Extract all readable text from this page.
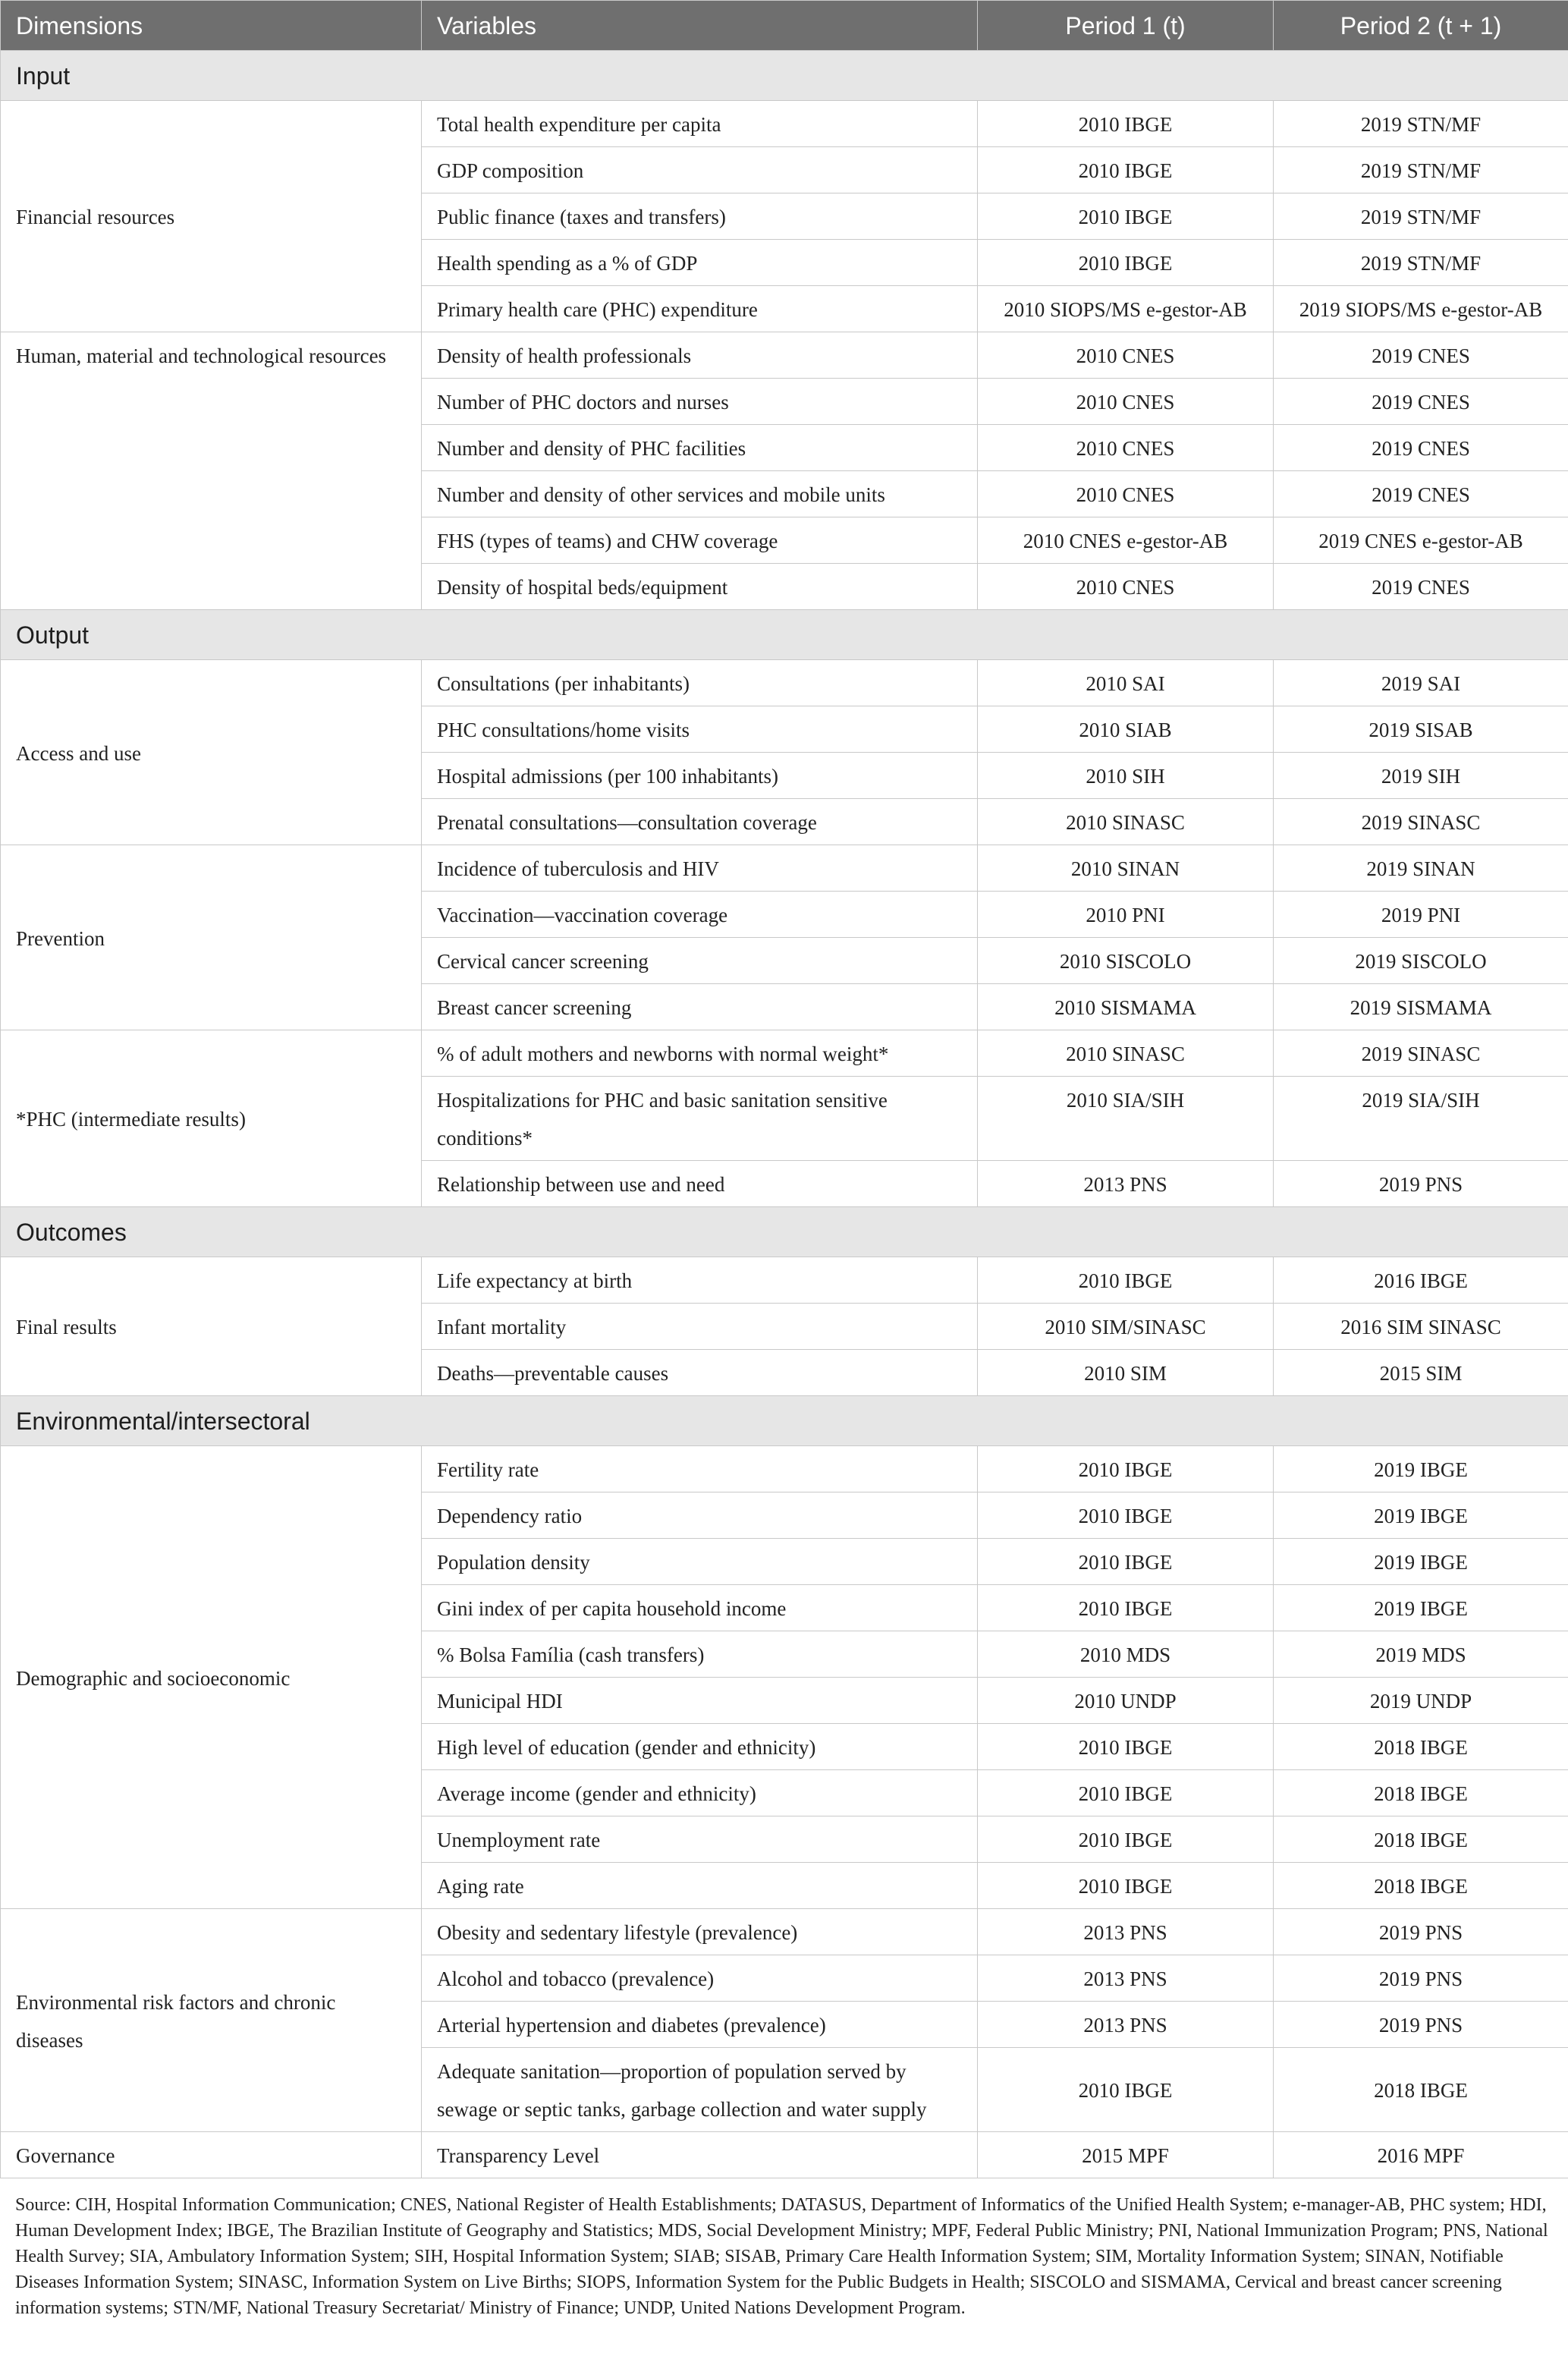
Dimensions	Variables	Period 1 (t)	Period 2 (t + 1)
Input			
Financial resources	Total health expenditure per capita	2010 IBGE	2019 STN/MF
	GDP composition	2010 IBGE	2019 STN/MF
	Public finance (taxes and transfers)	2010 IBGE	2019 STN/MF
	Health spending as a % of GDP	2010 IBGE	2019 STN/MF
	Primary health care (PHC) expenditure	2010 SIOPS/MS e-gestor-AB	2019 SIOPS/MS e-gestor-AB
Human, material and technological resources	Density of health professionals	2010 CNES	2019 CNES
	Number of PHC doctors and nurses	2010 CNES	2019 CNES
	Number and density of PHC facilities	2010 CNES	2019 CNES
	Number and density of other services and mobile units	2010 CNES	2019 CNES
	FHS (types of teams) and CHW coverage	2010 CNES e-gestor-AB	2019 CNES e-gestor-AB
	Density of hospital beds/equipment	2010 CNES	2019 CNES
Output			
Access and use	Consultations (per inhabitants)	2010 SAI	2019 SAI
	PHC consultations/home visits	2010 SIAB	2019 SISAB
	Hospital admissions (per 100 inhabitants)	2010 SIH	2019 SIH
	Prenatal consultations—consultation coverage	2010 SINASC	2019 SINASC
Prevention	Incidence of tuberculosis and HIV	2010 SINAN	2019 SINAN
	Vaccination—vaccination coverage	2010 PNI	2019 PNI
	Cervical cancer screening	2010 SISCOLO	2019 SISCOLO
	Breast cancer screening	2010 SISMAMA	2019 SISMAMA
*PHC (intermediate results)	% of adult mothers and newborns with normal weight*	2010 SINASC	2019 SINASC
	Hospitalizations for PHC and basic sanitation sensitive conditions*	2010 SIA/SIH	2019 SIA/SIH
	Relationship between use and need	2013 PNS	2019 PNS
Outcomes			
Final results	Life expectancy at birth	2010 IBGE	2016 IBGE
	Infant mortality	2010 SIM/SINASC	2016 SIM SINASC
	Deaths—preventable causes	2010 SIM	2015 SIM
Environmental/intersectoral			
Demographic and socioeconomic	Fertility rate	2010 IBGE	2019 IBGE
	Dependency ratio	2010 IBGE	2019 IBGE
	Population density	2010 IBGE	2019 IBGE
	Gini index of per capita household income	2010 IBGE	2019 IBGE
	% Bolsa Família (cash transfers)	2010 MDS	2019 MDS
	Municipal HDI	2010 UNDP	2019 UNDP
	High level of education (gender and ethnicity)	2010 IBGE	2018 IBGE
	Average income (gender and ethnicity)	2010 IBGE	2018 IBGE
	Unemployment rate	2010 IBGE	2018 IBGE
	Aging rate	2010 IBGE	2018 IBGE
Environmental risk factors and chronic diseases	Obesity and sedentary lifestyle (prevalence)	2013 PNS	2019 PNS
	Alcohol and tobacco (prevalence)	2013 PNS	2019 PNS
	Arterial hypertension and diabetes (prevalence)	2013 PNS	2019 PNS
	Adequate sanitation—proportion of population served by sewage or septic tanks, garbage collection and water supply	2010 IBGE	2018 IBGE
Governance	Transparency Level	2015 MPF	2016 MPF
Source: CIH, Hospital Information Communication; CNES, National Register of Health Establishments; DATASUS, Department of Informatics of the Unified Health System; e-manager-AB, PHC system; HDI, Human Development Index; IBGE, The Brazilian Institute of Geography and Statistics; MDS, Social Development Ministry; MPF, Federal Public Ministry; PNI, National Immunization Program; PNS, National Health Survey; SIA, Ambulatory Information System; SIH, Hospital Information System; SIAB; SISAB, Primary Care Health Information System; SIM, Mortality Information System; SINAN, Notifiable Diseases Information System; SINASC, Information System on Live Births; SIOPS, Information System for the Public Budgets in Health; SISCOLO and SISMAMA, Cervical and breast cancer screening information systems; STN/MF, National Treasury Secretariat/ Ministry of Finance; UNDP, United Nations Development Program.
